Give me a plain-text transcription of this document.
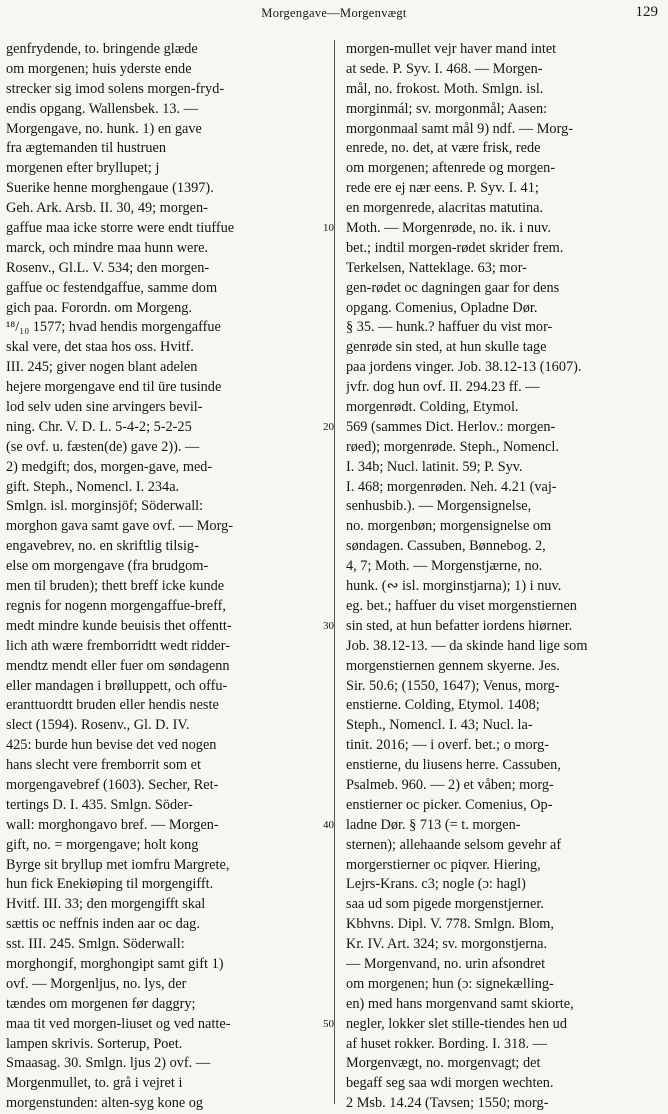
Morgengave—Morgenvægt	129
genfrydende, to. bringende glæde
om morgenen; huis yderste ende
strecker sig imod solens morgen-fryd-
endis opgang. Wallensbek. 13. —
Morgengave, no. hunk. 1) en gave
fra ægtemanden til hustruen
morgenen efter bryllupet; j
Suerike henne morghengaue (1397).
Geh. Ark. Arsb. II. 30, 49; morgen-
gaffue maa icke storre were endt tiuffue
marck, och mindre maa hunn were.
Rosenv., Gl.L. V. 534; den morgen-
gaffue oc festendgaffue, samme dom
gich paa. Forordn. om Morgeng.
¹⁸/₁₀ 1577; hvad hendis morgengaffue
skal vere, det staa hos oss. Hvitf.
III. 245; giver nogen blant adelen
hejere morgengave end til üre tusinde
lod selv uden sine arvingers bevil-
ning. Chr. V. D. L. 5-4-2; 5-2-25
(se ovf. u. fæsten(de) gave 2)). —
2) medgift; dos, morgen-gave, med-
gift. Steph., Nomencl. I. 234a.
Smlgn. isl. morginsjöf; Söderwall:
morghon gava samt gave ovf. — Morg-
engavebrev, no. en skriftlig tilsig-
else om morgengave (fra brudgom-
men til bruden); thett breff icke kunde
regnis for nogenn morgengaffue-breff,
medt mindre kunde beuisis thet offentt-
lich ath wære fremborridtt wedt ridder-
mendtz mendt eller fuer om søndagenn
eller mandagen i brølluppett, och offu-
eranttuordtt bruden eller hendis neste
slect (1594). Rosenv., Gl. D. IV.
425: burde hun bevise det ved nogen
hans slecht vere fremborrit som et
morgengavebref (1603). Secher, Ret-
tertings D. I. 435. Smlgn. Söder-
wall: morghongavo bref. — Morgen-
gift, no. = morgengave; holt kong
Byrge sit bryllup met iomfru Margrete,
hun fick Enekiøping til morgengifft.
Hvitf. III. 33; den morgengifft skal
sættis oc neffnis inden aar oc dag.
sst. III. 245. Smlgn. Söderwall:
morghongif, morghongipt samt gift 1)
ovf. — Morgenljus, no. lys, der
tændes om morgenen før daggry;
maa tit ved morgen-liuset og ved natte-
lampen skrivis. Sorterup, Poet.
Smaasag. 30. Smlgn. ljus 2) ovf. —
Morgenmullet, to. grå i vejret i
morgenstunden: alten-syg kone og
10
20
30
40
50
morgen-mullet vejr haver mand intet
at sede. P. Syv. I. 468. — Morgen-
mål, no. frokost. Moth. Smlgn. isl.
morginmál; sv. morgonmål; Aasen:
morgonmaal samt mål 9) ndf. — Morg-
enrede, no. det, at være frisk, rede
om morgenen; aftenrede og morgen-
rede ere ej nær eens. P. Syv. I. 41;
en morgenrede, alacritas matutina.
Moth. — Morgenrøde, no. ik. i nuv.
bet.; indtil morgen-rødet skrider frem.
Terkelsen, Natteklage. 63; mor-
gen-rødet oc dagningen gaar for dens
opgang. Comenius, Opladne Dør.
§ 35. — hunk.? haffuer du vist mor-
genrøde sin sted, at hun skulle tage
paa jordens vinger. Job. 38.12-13 (1607).
jvfr. dog hun ovf. II. 294.23 ff. —
morgenrødt. Colding, Etymol.
569 (sammes Dict. Herlov.: morgen-
røed); morgenrøde. Steph., Nomencl.
I. 34b; Nucl. latinit. 59; P. Syv.
I. 468; morgenrøden. Neh. 4.21 (vaj-
senhusbib.). — Morgensignelse,
no. morgenbøn; morgensignelse om
søndagen. Cassuben, Bønnebog. 2,
4, 7; Moth. — Morgenstjærne, no.
hunk. (∾ isl. morginstjarna); 1) i nuv.
eg. bet.; haffuer du viset morgenstiernen
sin sted, at hun befatter iordens hiørner.
Job. 38.12-13. — da skinde hand lige som
morgenstiernen gennem skyerne. Jes.
Sir. 50.6; (1550, 1647); Venus, morg-
enstierne. Colding, Etymol. 1408;
Steph., Nomencl. I. 43; Nucl. la-
tinit. 2016; — i overf. bet.; o morg-
enstierne, du liusens herre. Cassuben,
Psalmeb. 960. — 2) et våben; morg-
enstierner oc picker. Comenius, Op-
ladne Dør. § 713 (= t. morgen-
sternen); allehaande selsom gevehr af
morgerstierner oc piqver. Hiering,
Lejrs-Krans. c3; nogle (ɔ: hagl)
saa ud som pigede morgenstjerner.
Kbhvns. Dipl. V. 778. Smlgn. Blom,
Kr. IV. Art. 324; sv. morgonstjerna.
— Morgenvand, no. urin afsondret
om morgenen; hun (ɔ: signekælling-
en) med hans morgenvand samt skiorte,
negler, lokker slet stille-tiendes hen ud
af huset rokker. Bording. I. 318. —
Morgenvægt, no. morgenvagt; det
begaff seg saa wdi morgen wechten.
2 Msb. 14.24 (Tavsen; 1550; morg-
